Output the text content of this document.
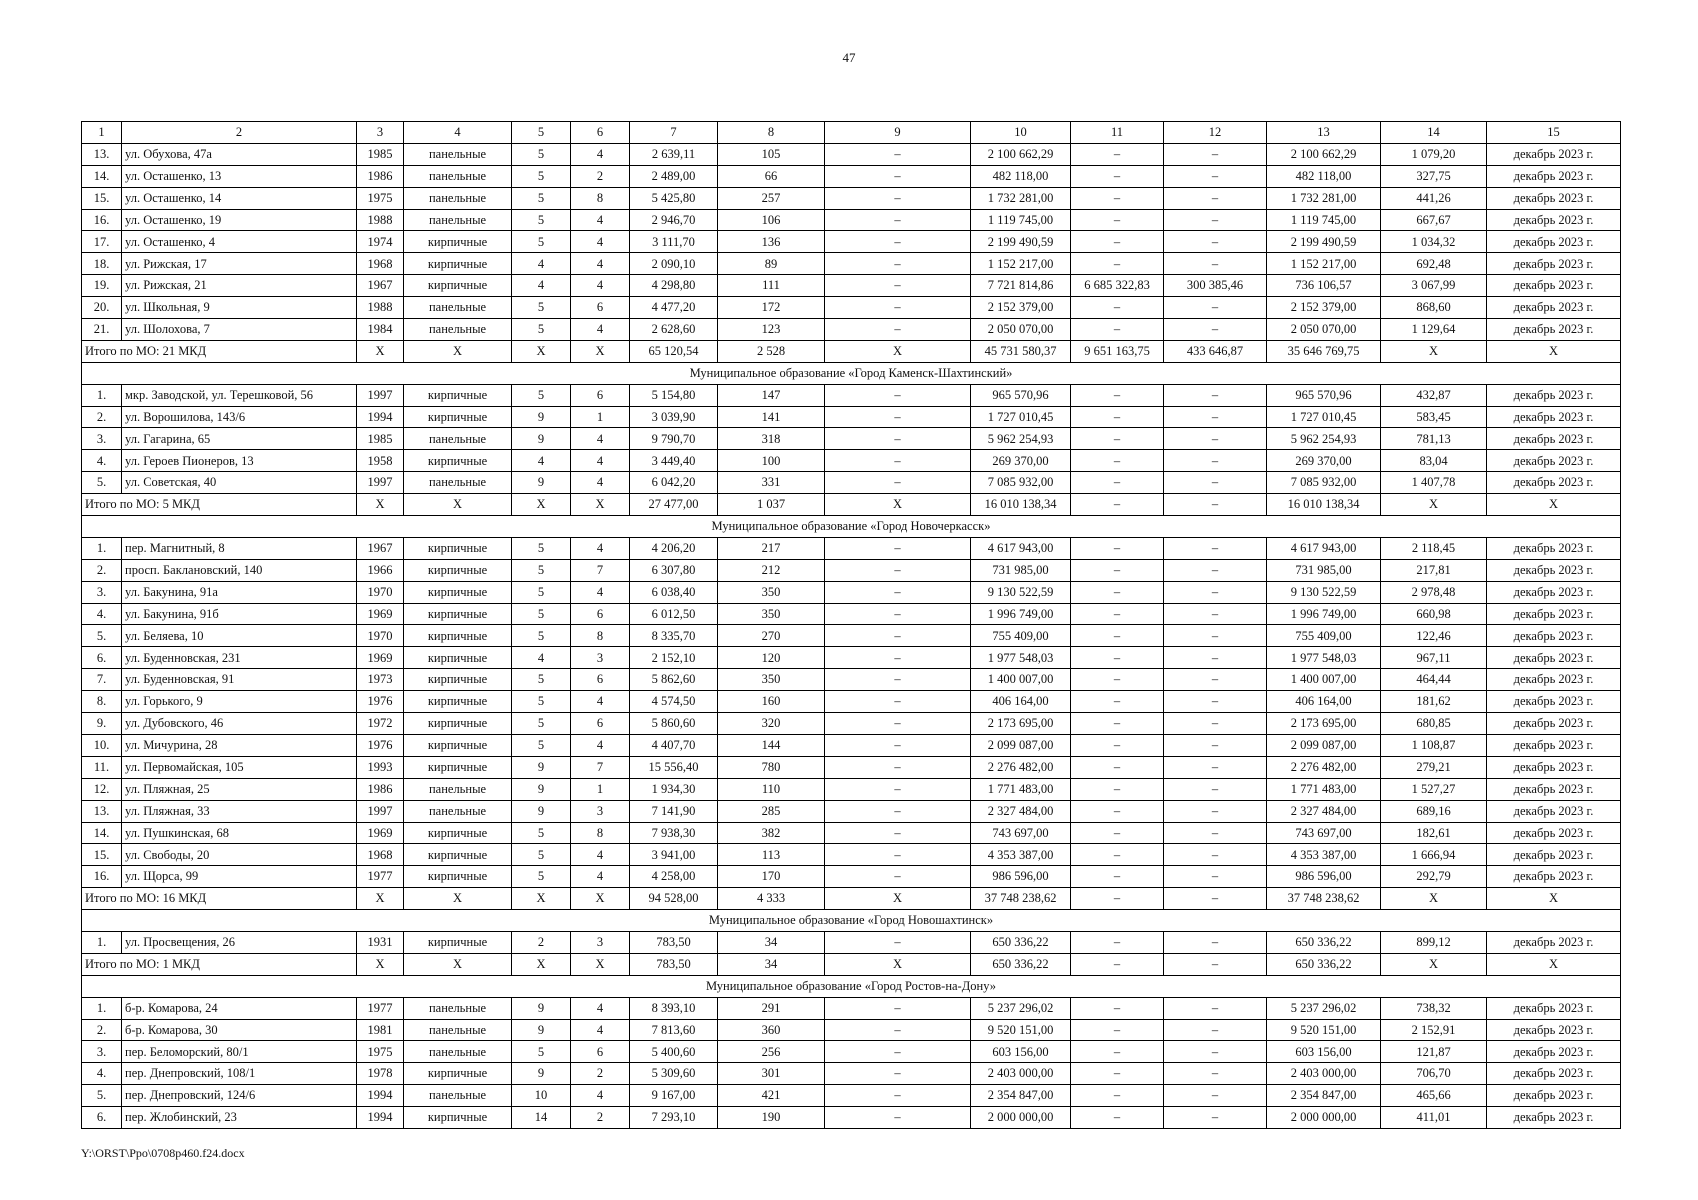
47
1	2	3	4	5	6	7	8	9	10	11	12	13	14	15
13.	ул. Обухова, 47а	1985	панельные	5	4	2 639,11	105	–	2 100 662,29	–	–	2 100 662,29	1 079,20	декабрь 2023 г.
14.	ул. Осташенко, 13	1986	панельные	5	2	2 489,00	66	–	482 118,00	–	–	482 118,00	327,75	декабрь 2023 г.
15.	ул. Осташенко, 14	1975	панельные	5	8	5 425,80	257	–	1 732 281,00	–	–	1 732 281,00	441,26	декабрь 2023 г.
16.	ул. Осташенко, 19	1988	панельные	5	4	2 946,70	106	–	1 119 745,00	–	–	1 119 745,00	667,67	декабрь 2023 г.
17.	ул. Осташенко, 4	1974	кирпичные	5	4	3 111,70	136	–	2 199 490,59	–	–	2 199 490,59	1 034,32	декабрь 2023 г.
18.	ул. Рижская, 17	1968	кирпичные	4	4	2 090,10	89	–	1 152 217,00	–	–	1 152 217,00	692,48	декабрь 2023 г.
19.	ул. Рижская, 21	1967	кирпичные	4	4	4 298,80	111	–	7 721 814,86	6 685 322,83	300 385,46	736 106,57	3 067,99	декабрь 2023 г.
20.	ул. Школьная, 9	1988	панельные	5	6	4 477,20	172	–	2 152 379,00	–	–	2 152 379,00	868,60	декабрь 2023 г.
21.	ул. Шолохова, 7	1984	панельные	5	4	2 628,60	123	–	2 050 070,00	–	–	2 050 070,00	1 129,64	декабрь 2023 г.
Итого по МО: 21 МКД		Х	Х	Х	Х	65 120,54	2 528	Х	45 731 580,37	9 651 163,75	433 646,87	35 646 769,75	Х	Х
Муниципальное образование «Город Каменск-Шахтинский»														
1.	мкр. Заводской, ул. Терешковой, 56	1997	кирпичные	5	6	5 154,80	147	–	965 570,96	–	–	965 570,96	432,87	декабрь 2023 г.
2.	ул. Ворошилова, 143/6	1994	кирпичные	9	1	3 039,90	141	–	1 727 010,45	–	–	1 727 010,45	583,45	декабрь 2023 г.
3.	ул. Гагарина, 65	1985	панельные	9	4	9 790,70	318	–	5 962 254,93	–	–	5 962 254,93	781,13	декабрь 2023 г.
4.	ул. Героев Пионеров, 13	1958	кирпичные	4	4	3 449,40	100	–	269 370,00	–	–	269 370,00	83,04	декабрь 2023 г.
5.	ул. Советская, 40	1997	панельные	9	4	6 042,20	331	–	7 085 932,00	–	–	7 085 932,00	1 407,78	декабрь 2023 г.
Итого по МО: 5 МКД		Х	Х	Х	Х	27 477,00	1 037	Х	16 010 138,34	–	–	16 010 138,34	Х	Х
Муниципальное образование «Город Новочеркасск»														
1.	пер. Магнитный, 8	1967	кирпичные	5	4	4 206,20	217	–	4 617 943,00	–	–	4 617 943,00	2 118,45	декабрь 2023 г.
2.	просп. Баклановский, 140	1966	кирпичные	5	7	6 307,80	212	–	731 985,00	–	–	731 985,00	217,81	декабрь 2023 г.
3.	ул. Бакунина, 91а	1970	кирпичные	5	4	6 038,40	350	–	9 130 522,59	–	–	9 130 522,59	2 978,48	декабрь 2023 г.
4.	ул. Бакунина, 91б	1969	кирпичные	5	6	6 012,50	350	–	1 996 749,00	–	–	1 996 749,00	660,98	декабрь 2023 г.
5.	ул. Беляева, 10	1970	кирпичные	5	8	8 335,70	270	–	755 409,00	–	–	755 409,00	122,46	декабрь 2023 г.
6.	ул. Буденновская, 231	1969	кирпичные	4	3	2 152,10	120	–	1 977 548,03	–	–	1 977 548,03	967,11	декабрь 2023 г.
7.	ул. Буденновская, 91	1973	кирпичные	5	6	5 862,60	350	–	1 400 007,00	–	–	1 400 007,00	464,44	декабрь 2023 г.
8.	ул. Горького, 9	1976	кирпичные	5	4	4 574,50	160	–	406 164,00	–	–	406 164,00	181,62	декабрь 2023 г.
9.	ул. Дубовского, 46	1972	кирпичные	5	6	5 860,60	320	–	2 173 695,00	–	–	2 173 695,00	680,85	декабрь 2023 г.
10.	ул. Мичурина, 28	1976	кирпичные	5	4	4 407,70	144	–	2 099 087,00	–	–	2 099 087,00	1 108,87	декабрь 2023 г.
11.	ул. Первомайская, 105	1993	кирпичные	9	7	15 556,40	780	–	2 276 482,00	–	–	2 276 482,00	279,21	декабрь 2023 г.
12.	ул. Пляжная, 25	1986	панельные	9	1	1 934,30	110	–	1 771 483,00	–	–	1 771 483,00	1 527,27	декабрь 2023 г.
13.	ул. Пляжная, 33	1997	панельные	9	3	7 141,90	285	–	2 327 484,00	–	–	2 327 484,00	689,16	декабрь 2023 г.
14.	ул. Пушкинская, 68	1969	кирпичные	5	8	7 938,30	382	–	743 697,00	–	–	743 697,00	182,61	декабрь 2023 г.
15.	ул. Свободы, 20	1968	кирпичные	5	4	3 941,00	113	–	4 353 387,00	–	–	4 353 387,00	1 666,94	декабрь 2023 г.
16.	ул. Щорса, 99	1977	кирпичные	5	4	4 258,00	170	–	986 596,00	–	–	986 596,00	292,79	декабрь 2023 г.
Итого по МО: 16 МКД		Х	Х	Х	Х	94 528,00	4 333	Х	37 748 238,62	–	–	37 748 238,62	Х	Х
Муниципальное образование «Город Новошахтинск»														
1.	ул. Просвещения, 26	1931	кирпичные	2	3	783,50	34	–	650 336,22	–	–	650 336,22	899,12	декабрь 2023 г.
Итого по МО: 1 МКД		Х	Х	Х	Х	783,50	34	Х	650 336,22	–	–	650 336,22	Х	Х
Муниципальное образование «Город Ростов-на-Дону»														
1.	б-р. Комарова, 24	1977	панельные	9	4	8 393,10	291	–	5 237 296,02	–	–	5 237 296,02	738,32	декабрь 2023 г.
2.	б-р. Комарова, 30	1981	панельные	9	4	7 813,60	360	–	9 520 151,00	–	–	9 520 151,00	2 152,91	декабрь 2023 г.
3.	пер. Беломорский, 80/1	1975	панельные	5	6	5 400,60	256	–	603 156,00	–	–	603 156,00	121,87	декабрь 2023 г.
4.	пер. Днепровский, 108/1	1978	кирпичные	9	2	5 309,60	301	–	2 403 000,00	–	–	2 403 000,00	706,70	декабрь 2023 г.
5.	пер. Днепровский, 124/6	1994	панельные	10	4	9 167,00	421	–	2 354 847,00	–	–	2 354 847,00	465,66	декабрь 2023 г.
6.	пер. Жлобинский, 23	1994	кирпичные	14	2	7 293,10	190	–	2 000 000,00	–	–	2 000 000,00	411,01	декабрь 2023 г.
Y:\ORST\Ppo\0708p460.f24.docx
